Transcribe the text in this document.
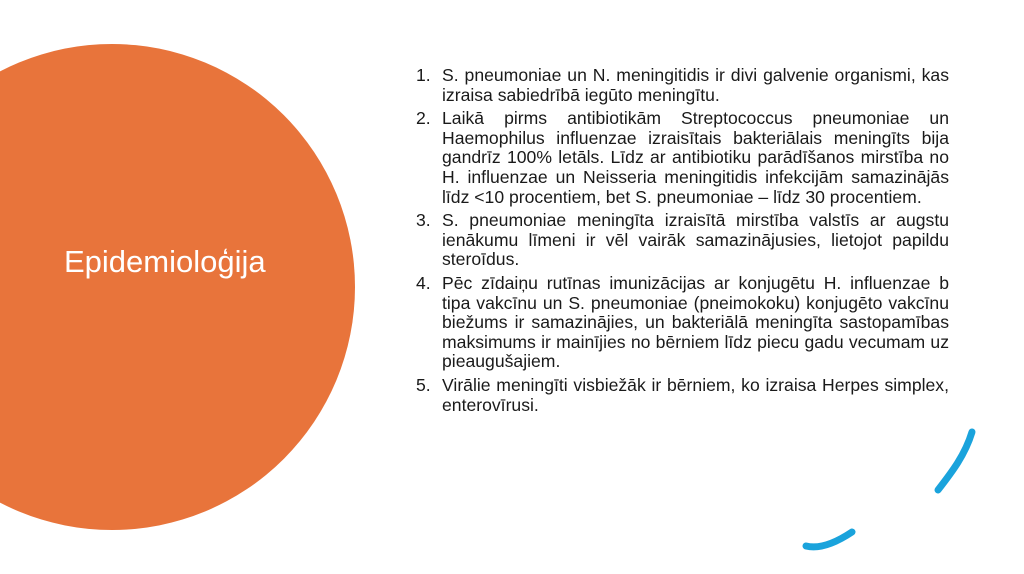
Epidemioloģija
1. S. pneumoniae un N. meningitidis ir divi galvenie organismi, kas izraisa sabiedrībā iegūto meningītu.
2. Laikā pirms antibiotikām Streptococcus pneumoniae un Haemophilus influenzae izraisītais bakteriālais meningīts bija gandrīz 100% letāls. Līdz ar antibiotiku parādīšanos mirstība no H. influenzae un Neisseria meningitidis infekcijām samazinājās līdz <10 procentiem, bet S. pneumoniae – līdz 30 procentiem.
3. S. pneumoniae meningīta izraisītā mirstība valstīs ar augstu ienākumu līmeni ir vēl vairāk samazinājusies, lietojot papildu steroīdus.
4. Pēc zīdaiņu rutīnas imunizācijas ar konjugētu H. influenzae b tipa vakcīnu un S. pneumoniae (pneimokoku) konjugēto vakcīnu biežums ir samazinājies, un bakteriālā meningīta sastopamības maksimums ir mainījies no bērniem līdz piecu gadu vecumam uz pieaugušajiem.
5. Virālie meningīti visbiežāk ir bērniem, ko izraisa Herpes simplex, enterovīrusi.
